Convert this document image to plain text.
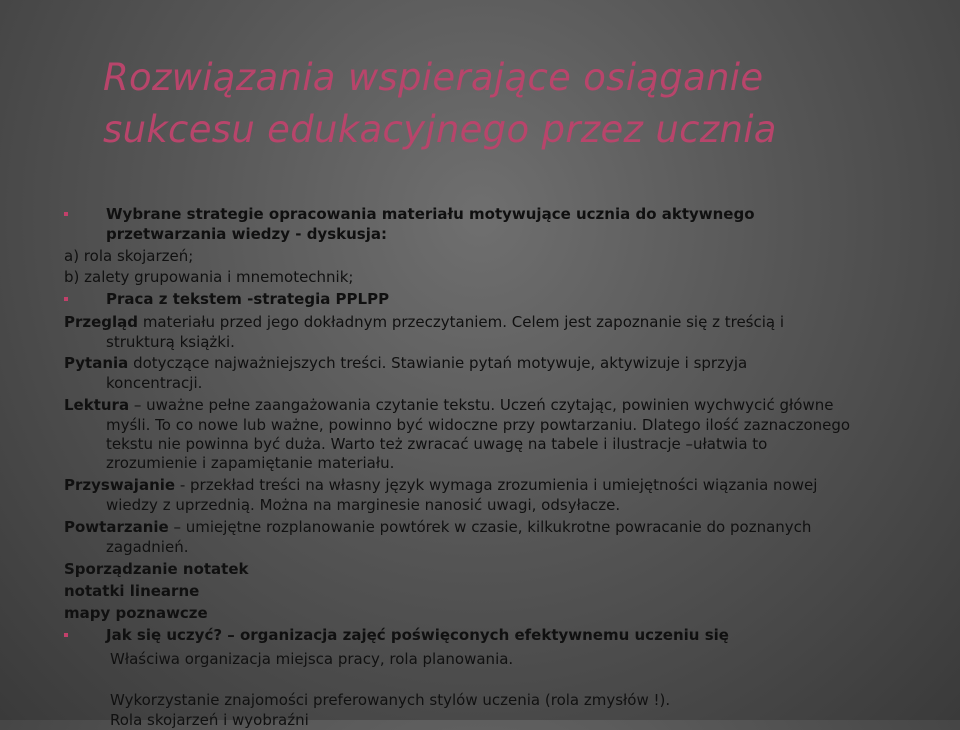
Rozwiązania wspierające osiąganie
sukcesu edukacyjnego przez ucznia
Wybrane strategie opracowania materiału motywujące ucznia do aktywnego
przetwarzania wiedzy - dyskusja:
a) rola skojarzeń;
b) zalety grupowania i mnemotechnik;
Praca z tekstem -strategia PPLPP
Przegląd materiału przed jego dokładnym przeczytaniem. Celem jest zapoznanie się z treścią i
strukturą książki.
Pytania dotyczące najważniejszych treści. Stawianie pytań motywuje, aktywizuje i sprzyja
koncentracji.
Lektura – uważne pełne zaangażowania czytanie tekstu. Uczeń czytając, powinien wychwycić główne
myśli. To co nowe lub ważne, powinno być widoczne przy powtarzaniu. Dlatego ilość zaznaczonego
tekstu nie powinna być duża. Warto też zwracać uwagę na tabele i ilustracje –ułatwia to
zrozumienie i zapamiętanie materiału.
Przyswajanie - przekład treści na własny język wymaga zrozumienia i umiejętności wiązania nowej
wiedzy z uprzednią. Można na marginesie nanosić uwagi, odsyłacze.
Powtarzanie – umiejętne rozplanowanie powtórek w czasie, kilkukrotne powracanie do poznanych
zagadnień.
Sporządzanie notatek
notatki linearne
mapy poznawcze
Jak się uczyć? – organizacja zajęć poświęconych efektywnemu uczeniu się
Właściwa organizacja miejsca pracy, rola planowania.
Wykorzystanie znajomości preferowanych stylów uczenia (rola zmysłów !).
Rola skojarzeń i wyobraźni
